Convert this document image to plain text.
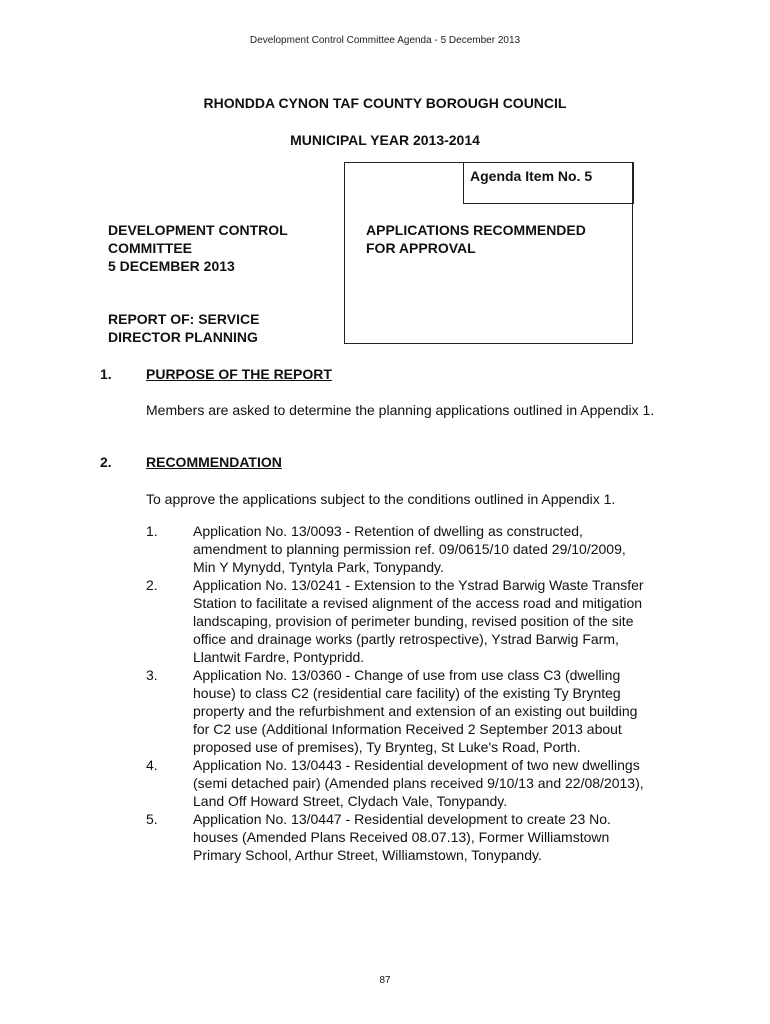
Development Control Committee Agenda - 5 December 2013
RHONDDA CYNON TAF COUNTY BOROUGH COUNCIL
MUNICIPAL YEAR 2013-2014
Agenda Item No. 5
APPLICATIONS RECOMMENDED
FOR APPROVAL
DEVELOPMENT CONTROL
COMMITTEE
5 DECEMBER 2013
REPORT OF: SERVICE
DIRECTOR PLANNING
1. PURPOSE OF THE REPORT
Members are asked to determine the planning applications outlined in Appendix 1.
2. RECOMMENDATION
To approve the applications subject to the conditions outlined in Appendix 1.
1.	Application No. 13/0093 - Retention of dwelling as constructed, amendment to planning permission ref. 09/0615/10 dated 29/10/2009, Min Y Mynydd, Tyntyla Park, Tonypandy.
2.	Application No. 13/0241 - Extension to the Ystrad Barwig Waste Transfer Station to facilitate a revised alignment of the access road and mitigation landscaping, provision of perimeter bunding, revised position of the site office and drainage works (partly retrospective), Ystrad Barwig Farm, Llantwit Fardre, Pontypridd.
3.	Application No. 13/0360 - Change of use from use class C3 (dwelling house) to class C2 (residential care facility) of the existing Ty Brynteg property and the refurbishment and extension of an existing out building for C2 use (Additional Information Received 2 September 2013 about proposed use of premises), Ty Brynteg, St Luke's Road, Porth.
4.	Application No. 13/0443 - Residential development of two new dwellings (semi detached pair) (Amended plans received 9/10/13 and 22/08/2013), Land Off Howard Street, Clydach Vale, Tonypandy.
5.	Application No. 13/0447 - Residential development to create 23 No. houses (Amended Plans Received 08.07.13), Former Williamstown Primary School, Arthur Street, Williamstown, Tonypandy.
87
